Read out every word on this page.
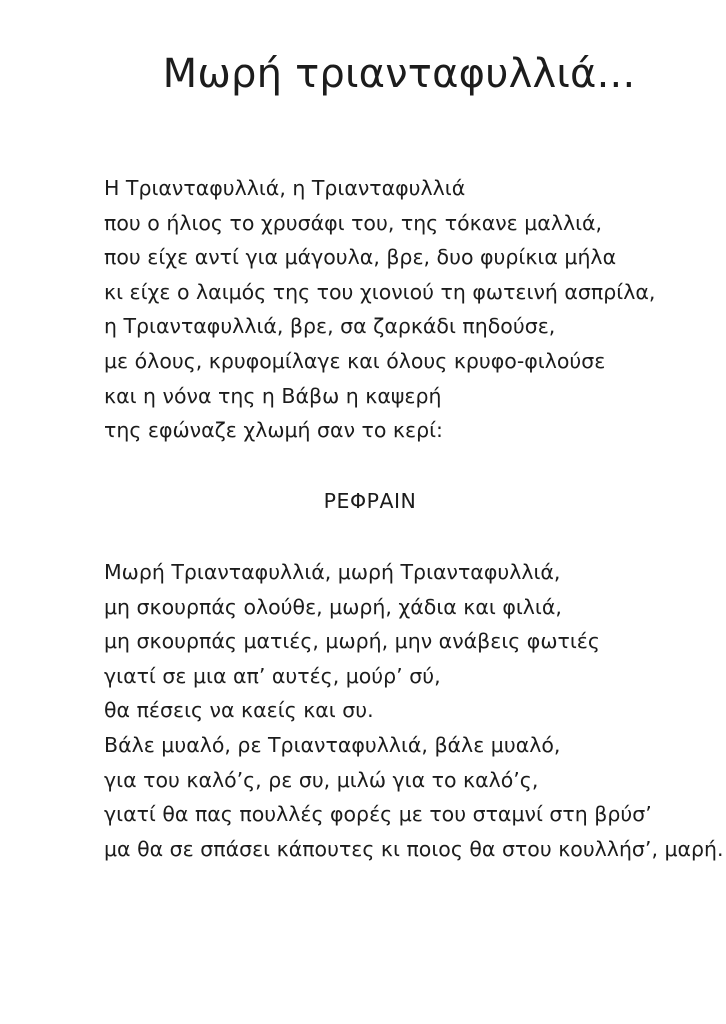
Μωρή τριανταφυλλιά...
Η Τριανταφυλλιά, η Τριανταφυλλιά
που ο ήλιος το χρυσάφι του, της τόκανε μαλλιά,
που είχε αντί για μάγουλα, βρε, δυο φυρίκια μήλα
κι είχε ο λαιμός της του χιονιού τη φωτεινή ασπρίλα,
η Τριανταφυλλιά, βρε, σα ζαρκάδι πηδούσε,
με όλους, κρυφομίλαγε και όλους κρυφο-φιλούσε
και η νόνα της η Βάβω η καψερή
της εφώναζε χλωμή σαν το κερί:
ΡΕΦΡΑΙΝ
Μωρή Τριανταφυλλιά, μωρή Τριανταφυλλιά,
μη σκουρπάς ολούθε, μωρή, χάδια και φιλιά,
μη σκουρπάς ματιές, μωρή, μην ανάβεις φωτιές
γιατί σε μια απ’ αυτές, μούρ’ σύ,
θα πέσεις να καείς και συ.
Βάλε μυαλό, ρε Τριανταφυλλιά, βάλε μυαλό,
για του καλό’ς, ρε συ, μιλώ για το καλό’ς,
γιατί θα πας πουλλές φορές με του σταμνί στη βρύσ’
μα θα σε σπάσει κάπουτες κι ποιος θα στου κουλλήσ’, μαρή.
